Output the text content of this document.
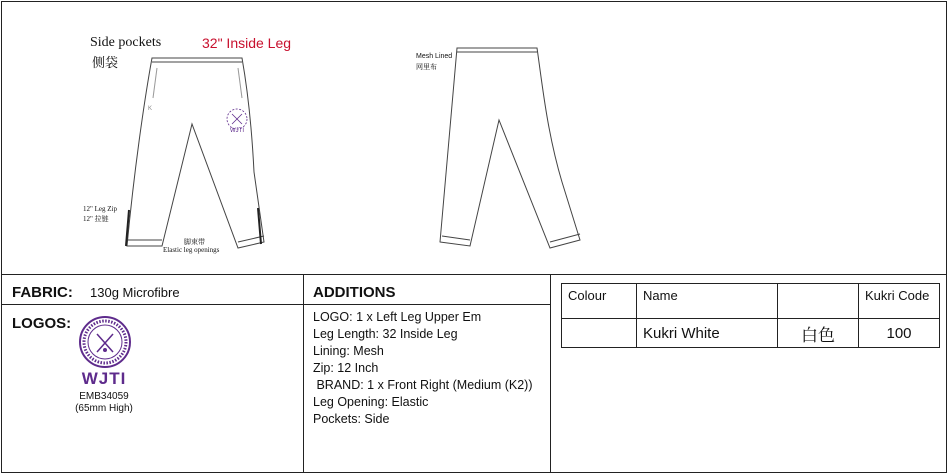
K
WJTI
Side pockets
侧袋
32" Inside Leg
12" Leg Zip
12" 拉链
脚束带
Elastic leg openings
Mesh Lined
网里布
FABRIC: 130g Microfibre
LOGOS:
WJTI
EMB34059
(65mm High)
ADDITIONS
LOGO: 1 x Left Leg Upper Em
Leg Length: 32 Inside Leg
Lining: Mesh
Zip: 12 Inch
BRAND: 1 x Front Right (Medium (K2))
Leg Opening: Elastic
Pockets: Side
Colour	Name		Kukri Code
	Kukri White	白色	100
